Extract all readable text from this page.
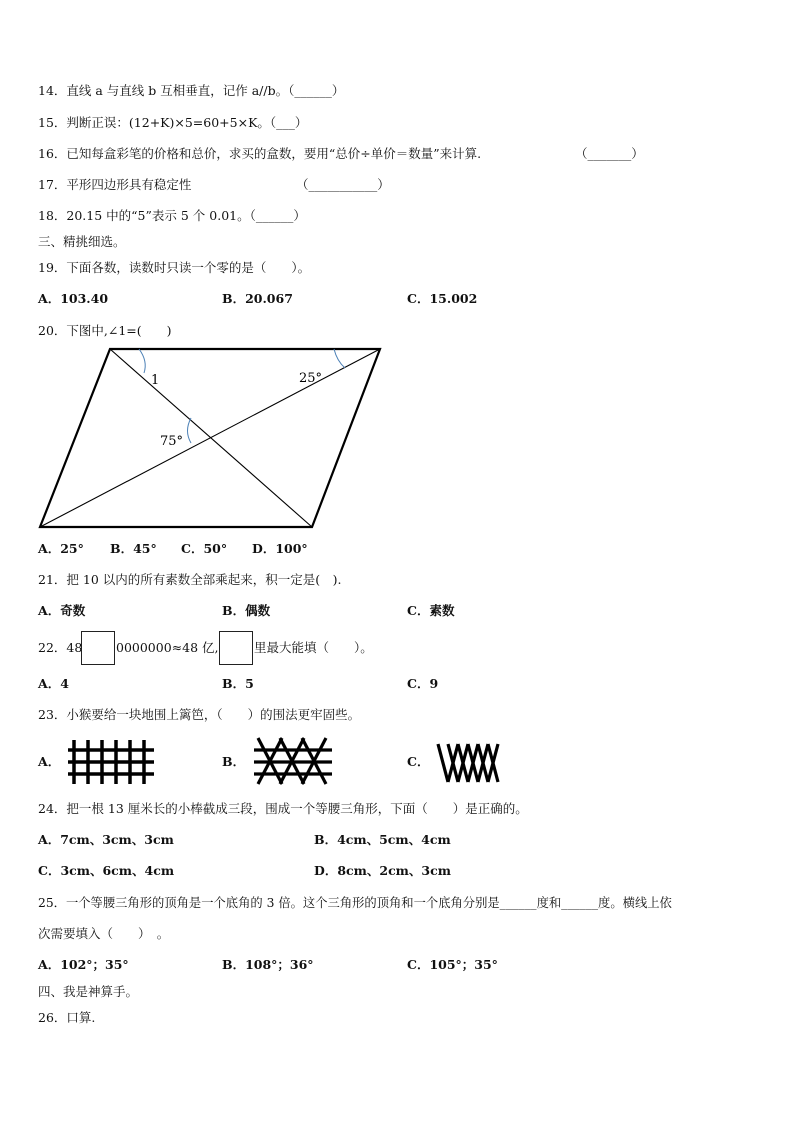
14．直线 a 与直线 b 互相垂直，记作 a//b。（______）
15．判断正误：(12+K)×5=60+5×K。（___）
16．已知每盒彩笔的价格和总价，求买的盒数，要用“总价÷单价＝数量”来计算.	（_______）
17．平形四边形具有稳定性	（___________）
18．20.15 中的“5”表示 5 个 0.01。（______）
三、精挑细选。
19．下面各数，读数时只读一个零的是（　　）。
A．103.40	B．20.067	C．15.002
20．下图中,∠1=(　　)
1	25°
75°
A．25° B．45° C．50° D．100°
21．把 10 以内的所有素数全部乘起来，积一定是(　).
A．奇数	B．偶数	C．素数
22．48	0000000≈48 亿,	里最大能填（　　）。
A．4	B．5	C．9
23．小猴要给一块地围上篱笆，（　　）的围法更牢固些。
A．	B．	C．
24．把一根 13 厘米长的小棒截成三段，围成一个等腰三角形，下面（　　）是正确的。
A．7cm、3cm、3cm	B．4cm、5cm、4cm
C．3cm、6cm、4cm	D．8cm、2cm、3cm
25．一个等腰三角形的顶角是一个底角的 3 倍。这个三角形的顶角和一个底角分别是______度和______度。横线上依
次需要填入（　　）　。
A．102°；35°	B．108°；36°	C．105°；35°
四、我是神算手。
26．口算.
